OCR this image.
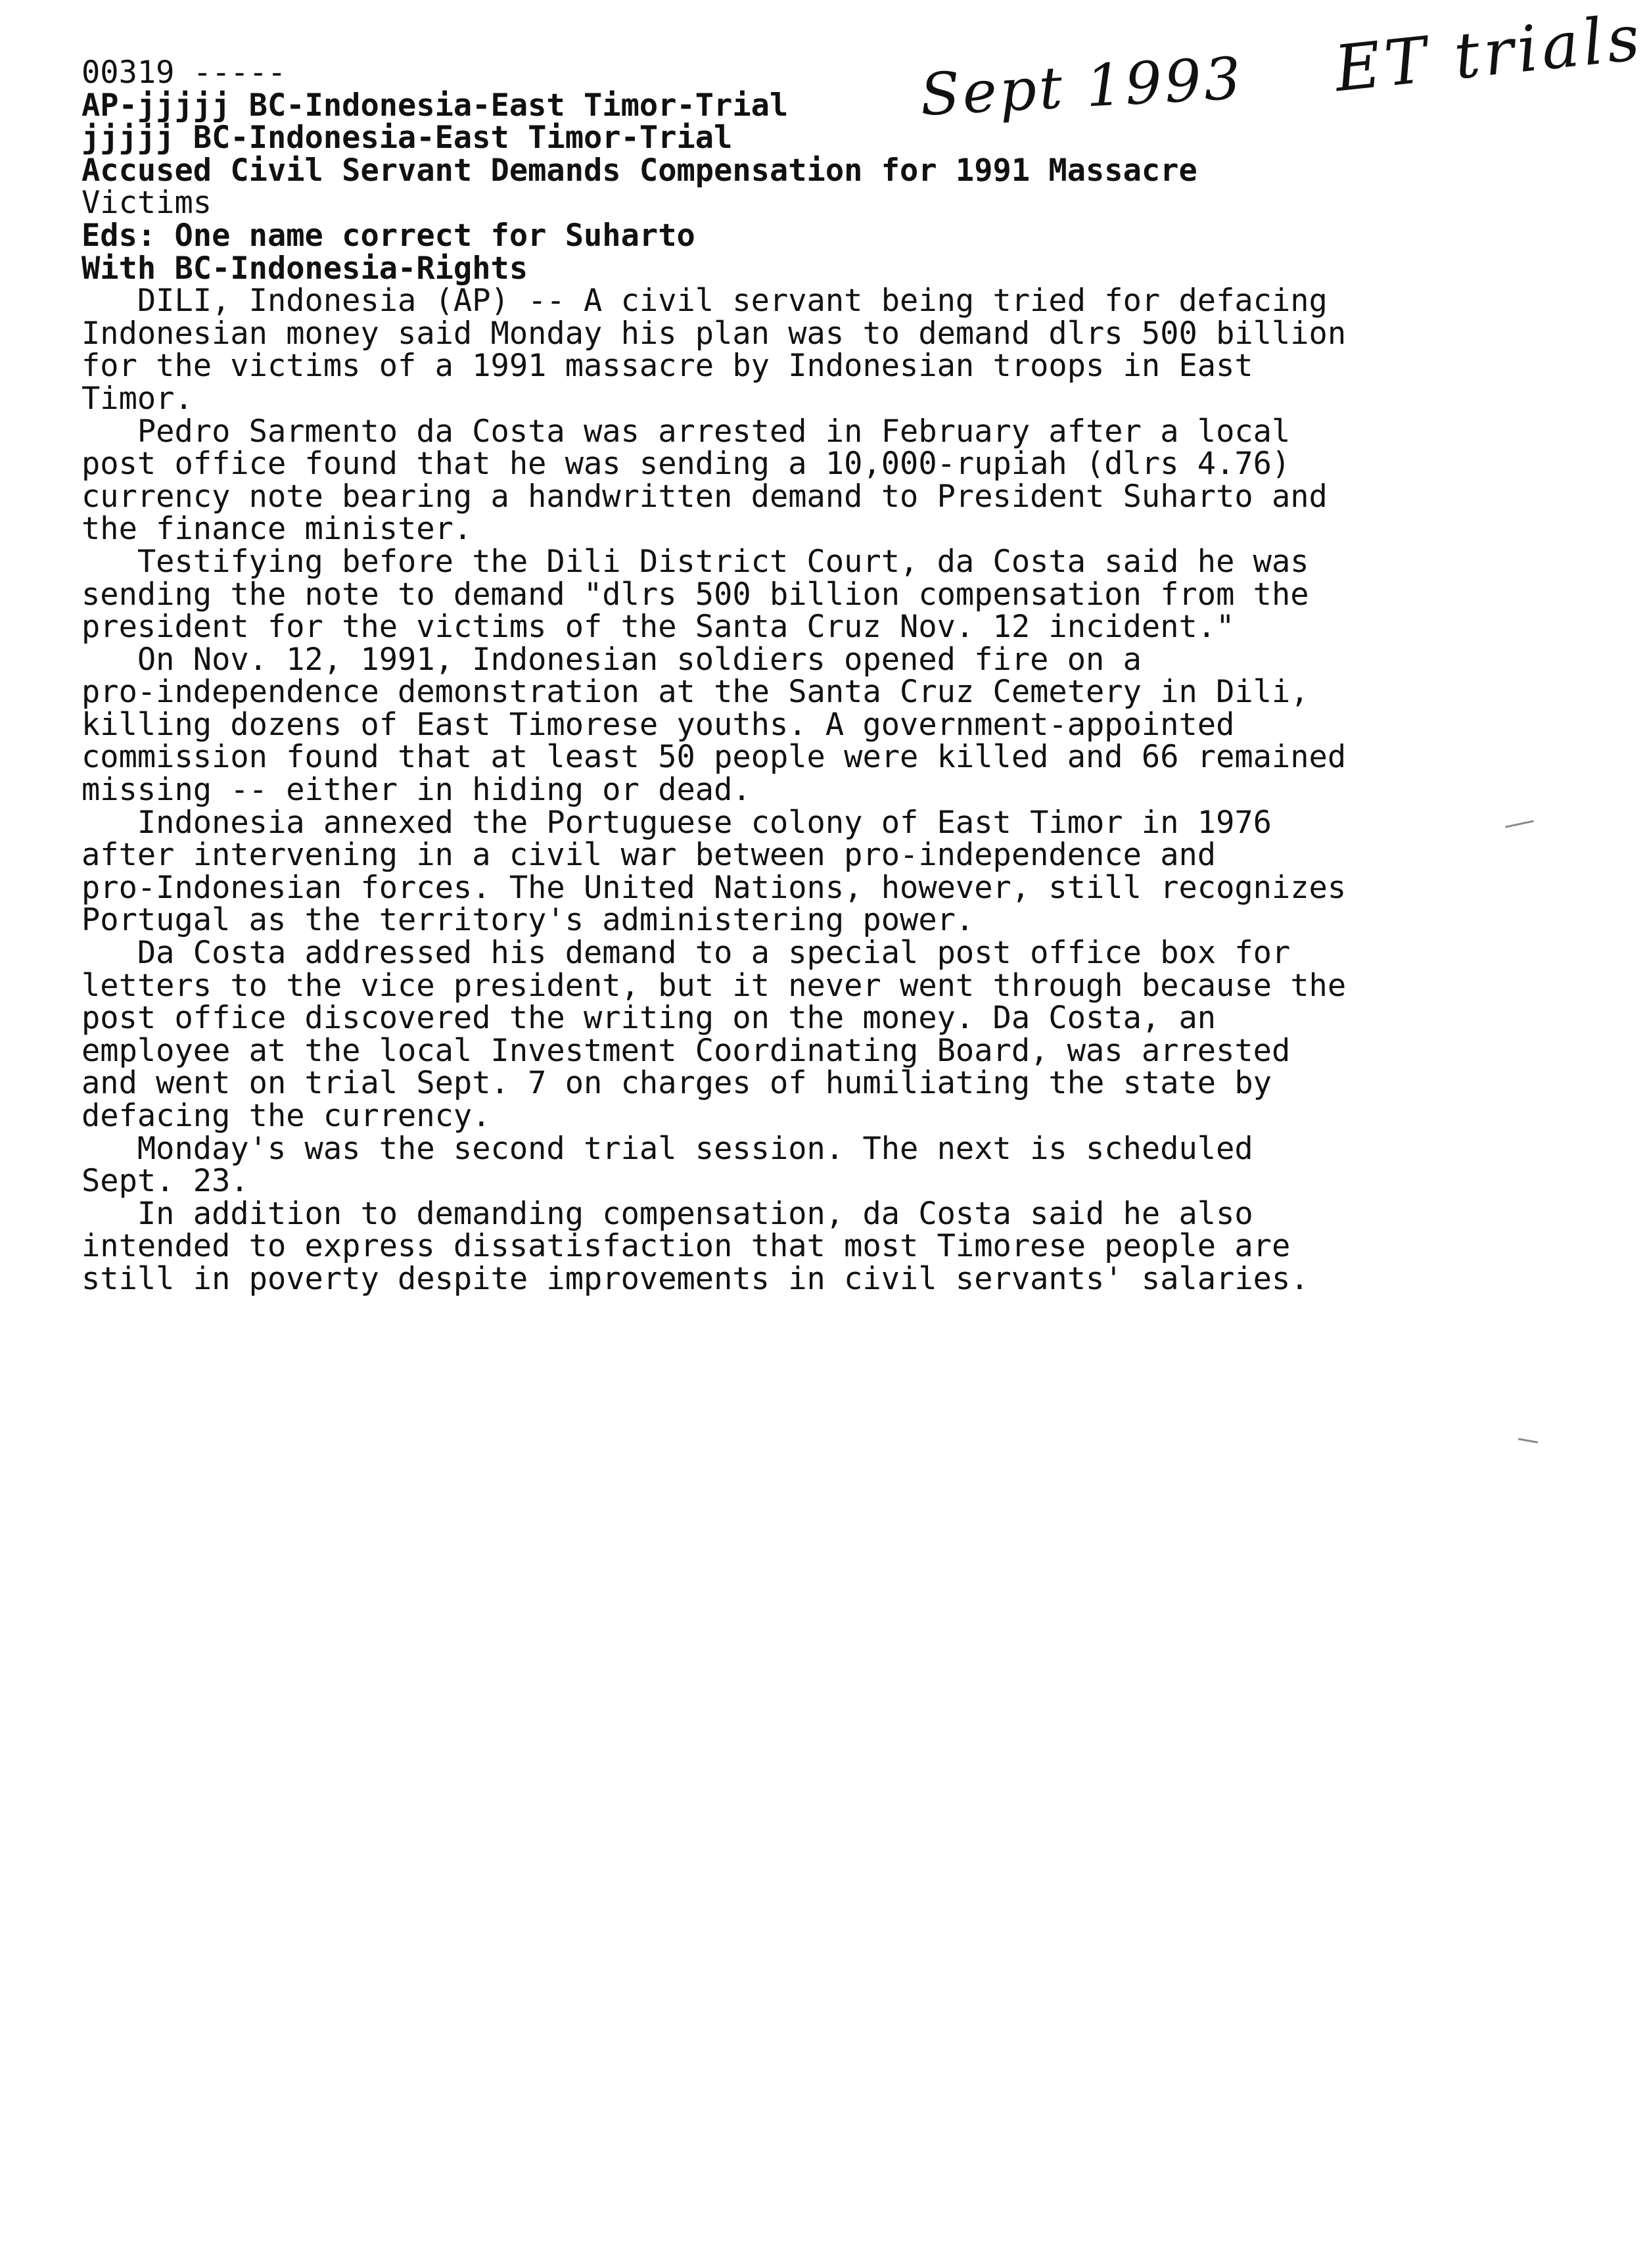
Sept 1993 ET trials
00319 -----
AP-jjjjj BC-Indonesia-East Timor-Trial
jjjjj BC-Indonesia-East Timor-Trial
Accused Civil Servant Demands Compensation for 1991 Massacre
Victims
Eds: One name correct for Suharto
With BC-Indonesia-Rights
DILI, Indonesia (AP) -- A civil servant being tried for defacing
Indonesian money said Monday his plan was to demand dlrs 500 billion
for the victims of a 1991 massacre by Indonesian troops in East
Timor.
Pedro Sarmento da Costa was arrested in February after a local
post office found that he was sending a 10,000-rupiah (dlrs 4.76)
currency note bearing a handwritten demand to President Suharto and
the finance minister.
Testifying before the Dili District Court, da Costa said he was
sending the note to demand "dlrs 500 billion compensation from the
president for the victims of the Santa Cruz Nov. 12 incident."
On Nov. 12, 1991, Indonesian soldiers opened fire on a
pro-independence demonstration at the Santa Cruz Cemetery in Dili,
killing dozens of East Timorese youths. A government-appointed
commission found that at least 50 people were killed and 66 remained
missing -- either in hiding or dead.
Indonesia annexed the Portuguese colony of East Timor in 1976
after intervening in a civil war between pro-independence and
pro-Indonesian forces. The United Nations, however, still recognizes
Portugal as the territory's administering power.
Da Costa addressed his demand to a special post office box for
letters to the vice president, but it never went through because the
post office discovered the writing on the money. Da Costa, an
employee at the local Investment Coordinating Board, was arrested
and went on trial Sept. 7 on charges of humiliating the state by
defacing the currency.
Monday's was the second trial session. The next is scheduled
Sept. 23.
In addition to demanding compensation, da Costa said he also
intended to express dissatisfaction that most Timorese people are
still in poverty despite improvements in civil servants' salaries.
